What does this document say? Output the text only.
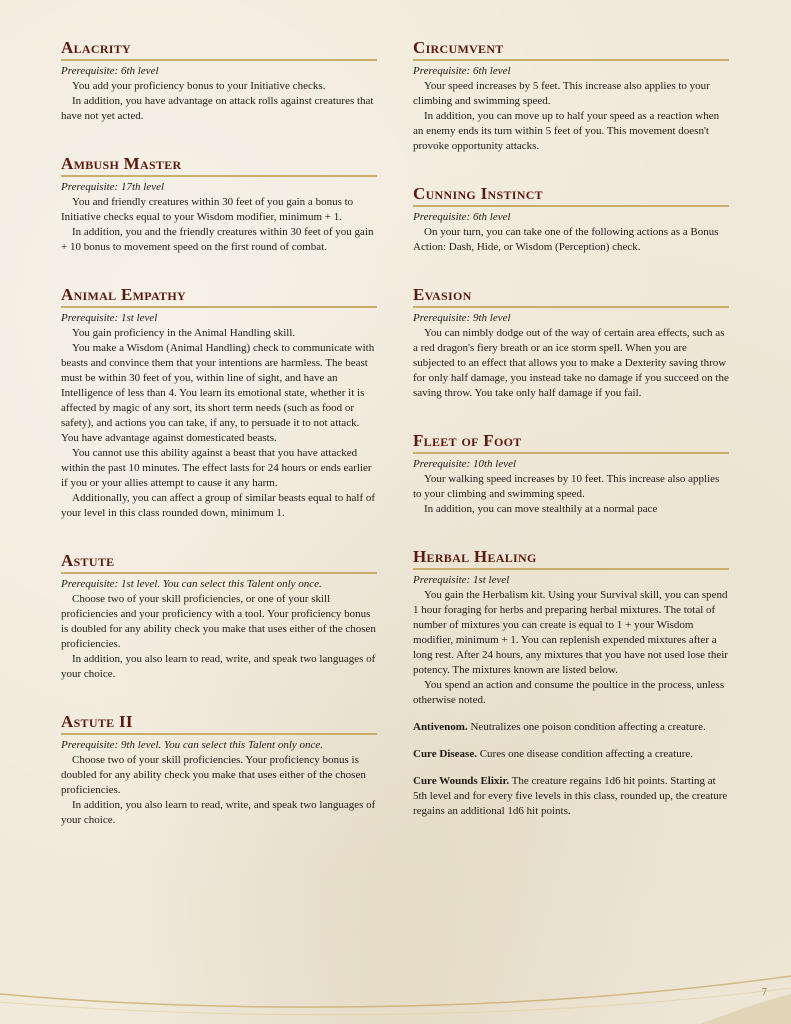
Alacrity

Prerequisite: 6th level

You add your proficiency bonus to your Initiative checks.

In addition, you have advantage on attack rolls against creatures that have not yet acted.

Ambush Master

Prerequisite: 17th level

You and friendly creatures within 30 feet of you gain a bonus to Initiative checks equal to your Wisdom modifier, minimum + 1.

In addition, you and the friendly creatures within 30 feet of you gain + 10 bonus to movement speed on the first round of combat.

Animal Empathy

Prerequisite: 1st level

You gain proficiency in the Animal Handling skill.

You make a Wisdom (Animal Handling) check to communicate with beasts and convince them that your intentions are harmless. The beast must be within 30 feet of you, within line of sight, and have an Intelligence of less than 4. You learn its emotional state, whether it is affected by magic of any sort, its short term needs (such as food or safety), and actions you can take, if any, to persuade it to not attack. You have advantage against domesticated beasts.

You cannot use this ability against a beast that you have attacked within the past 10 minutes. The effect lasts for 24 hours or ends earlier if you or your allies attempt to cause it any harm.

Additionally, you can affect a group of similar beasts equal to half of your level in this class rounded down, minimum 1.

Astute

Prerequisite: 1st level. You can select this Talent only once.

Choose two of your skill proficiencies, or one of your skill proficiencies and your proficiency with a tool. Your proficiency bonus is doubled for any ability check you make that uses either of the chosen proficiencies.

In addition, you also learn to read, write, and speak two languages of your choice.

Astute II

Prerequisite: 9th level. You can select this Talent only once.

Choose two of your skill proficiencies. Your proficiency bonus is doubled for any ability check you make that uses either of the chosen proficiencies.

In addition, you also learn to read, write, and speak two languages of your choice.

Circumvent

Prerequisite: 6th level

Your speed increases by 5 feet. This increase also applies to your climbing and swimming speed.

In addition, you can move up to half your speed as a reaction when an enemy ends its turn within 5 feet of you. This movement doesn't provoke opportunity attacks.

Cunning Instinct

Prerequisite: 6th level

On your turn, you can take one of the following actions as a Bonus Action: Dash, Hide, or Wisdom (Perception) check.

Evasion

Prerequisite: 9th level

You can nimbly dodge out of the way of certain area effects, such as a red dragon's fiery breath or an ice storm spell. When you are subjected to an effect that allows you to make a Dexterity saving throw for only half damage, you instead take no damage if you succeed on the saving throw. You take only half damage if you fail.

Fleet of Foot

Prerequisite: 10th level

Your walking speed increases by 10 feet. This increase also applies to your climbing and swimming speed.

In addition, you can move stealthily at a normal pace

Herbal Healing

Prerequisite: 1st level

You gain the Herbalism kit. Using your Survival skill, you can spend 1 hour foraging for herbs and preparing herbal mixtures. The total of number of mixtures you can create is equal to 1 + your Wisdom modifier, minimum + 1. You can replenish expended mixtures after a long rest. After 24 hours, any mixtures that you have not used lose their potency. The mixtures known are listed below.

You spend an action and consume the poultice in the process, unless otherwise noted.

Antivenom. Neutralizes one poison condition affecting a creature.

Cure Disease. Cures one disease condition affecting a creature.

Cure Wounds Elixir. The creature regains 1d6 hit points. Starting at 5th level and for every five levels in this class, rounded up, the creature regains an additional 1d6 hit points.

7
